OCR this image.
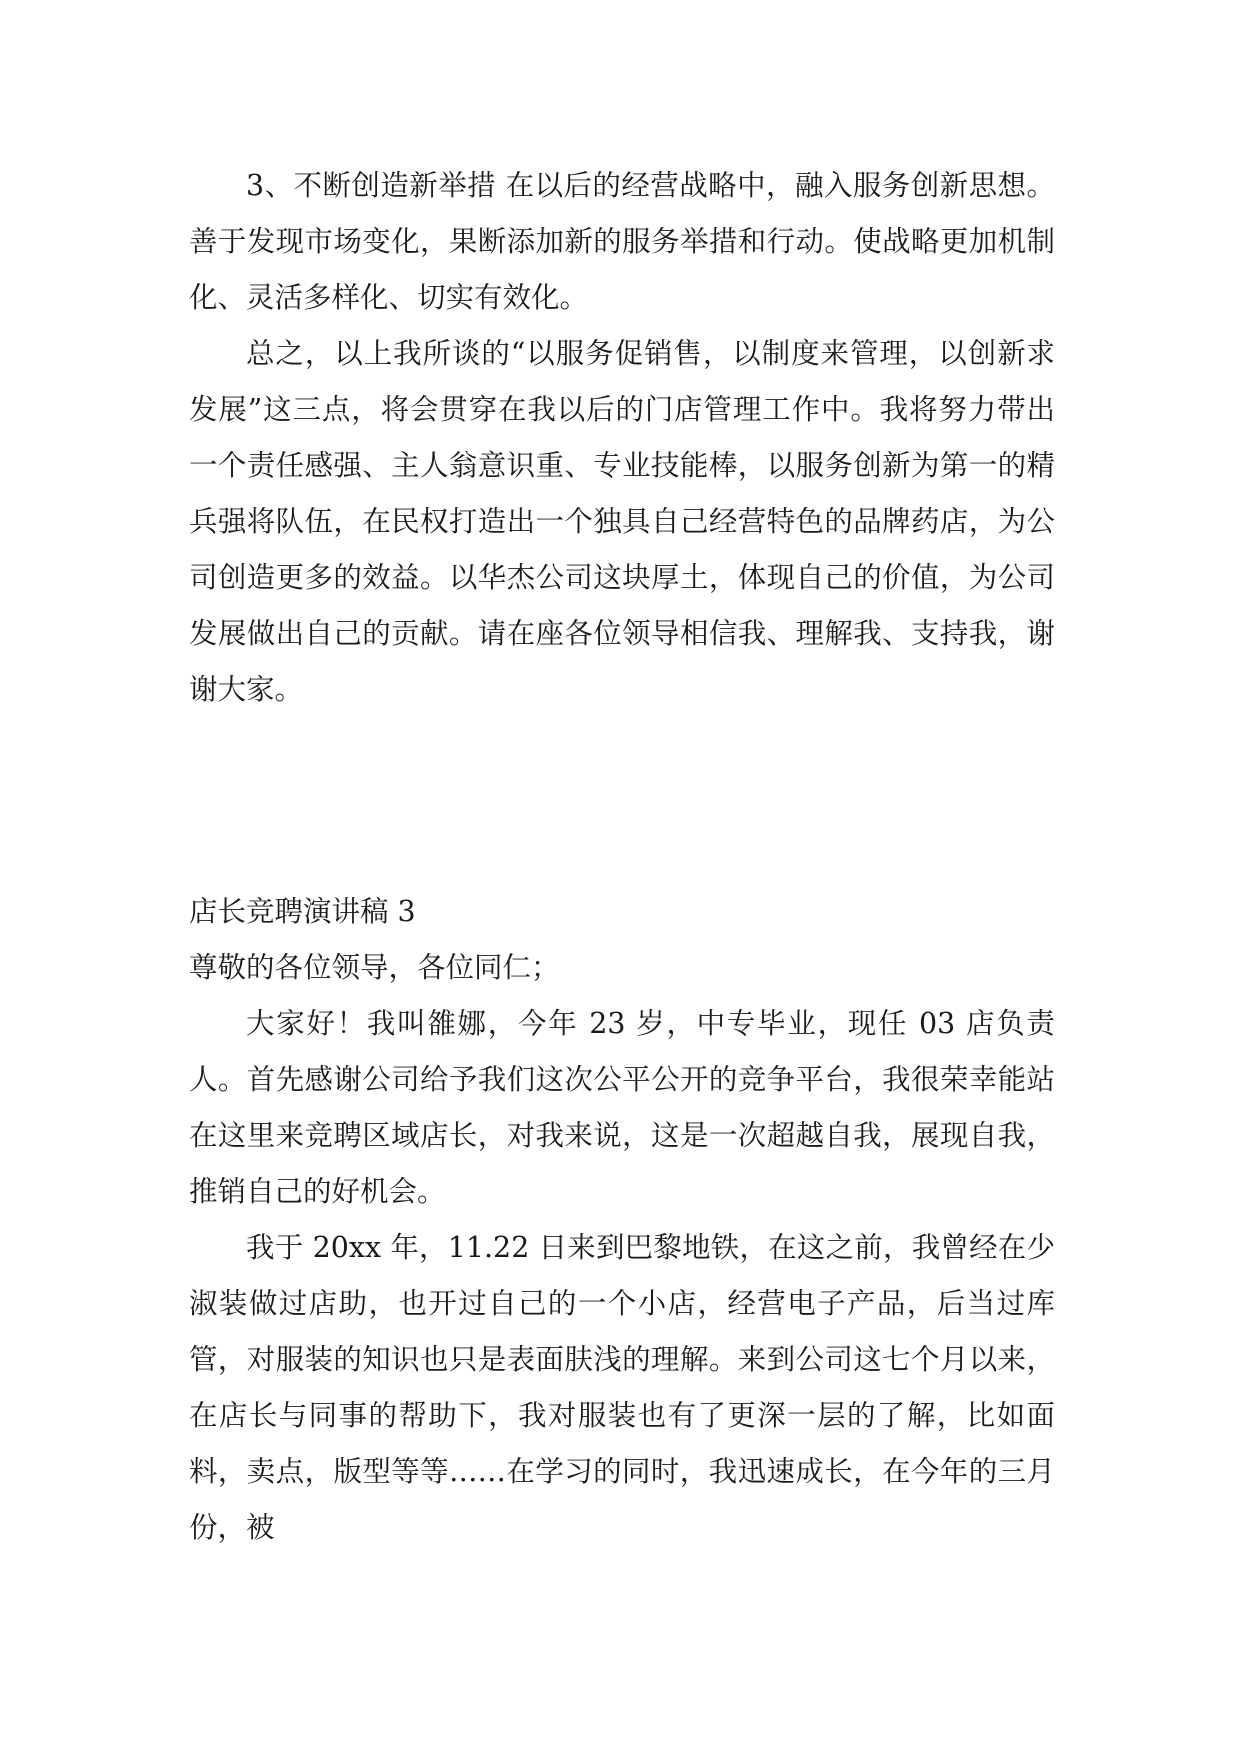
3、不断创造新举措 在以后的经营战略中，融入服务创新思想。善于发现市场变化，果断添加新的服务举措和行动。使战略更加机制化、灵活多样化、切实有效化。

总之，以上我所谈的“以服务促销售，以制度来管理，以创新求发展”这三点，将会贯穿在我以后的门店管理工作中。我将努力带出一个责任感强、主人翁意识重、专业技能棒，以服务创新为第一的精兵强将队伍，在民权打造出一个独具自己经营特色的品牌药店，为公司创造更多的效益。以华杰公司这块厚土，体现自己的价值，为公司发展做出自己的贡献。请在座各位领导相信我、理解我、支持我，谢谢大家。

店长竞聘演讲稿 3

尊敬的各位领导，各位同仁；

大家好！我叫雒娜，今年 23 岁，中专毕业，现任 03 店负责人。首先感谢公司给予我们这次公平公开的竞争平台，我很荣幸能站在这里来竞聘区域店长，对我来说，这是一次超越自我，展现自我，推销自己的好机会。

我于 20xx 年，11.22 日来到巴黎地铁，在这之前，我曾经在少淑装做过店助，也开过自己的一个小店，经营电子产品，后当过库管，对服装的知识也只是表面肤浅的理解。来到公司这七个月以来，在店长与同事的帮助下，我对服装也有了更深一层的了解，比如面料，卖点，版型等等……在学习的同时，我迅速成长，在今年的三月份，被
